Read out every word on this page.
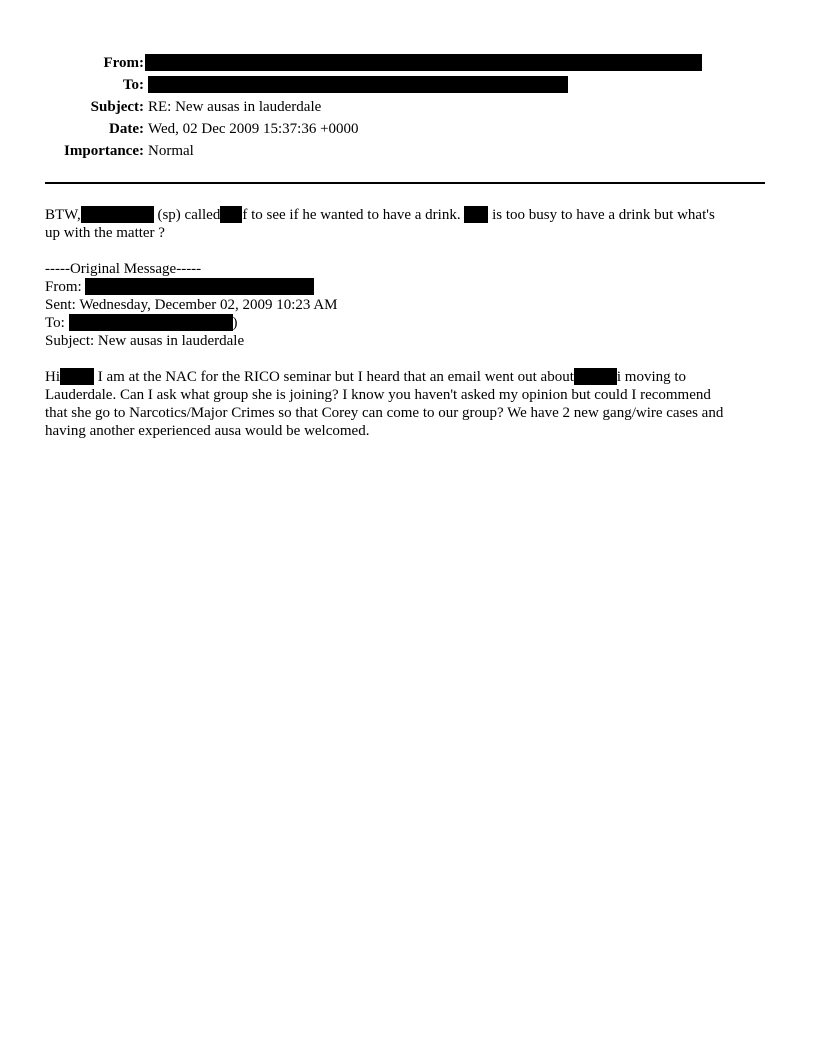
From:
To:
Subject: RE: New ausas in lauderdale
Date: Wed, 02 Dec 2009 15:37:36 +0000
Importance: Normal
BTW,	(sp) called f to see if he wanted to have a drink.  is too busy to have a drink but what's
up with the matter ?
-----Original Message-----
From:
Sent: Wednesday, December 02, 2009 10:23 AM
To:	)
Subject: New ausas in lauderdale
Hi I am at the NAC for the RICO seminar but I heard that an email went out about	i moving to
Lauderdale. Can I ask what group she is joining? I know you haven't asked my opinion but could I recommend
that she go to Narcotics/Major Crimes so that Corey can come to our group? We have 2 new gang/wire cases and
having another experienced ausa would be welcomed.
